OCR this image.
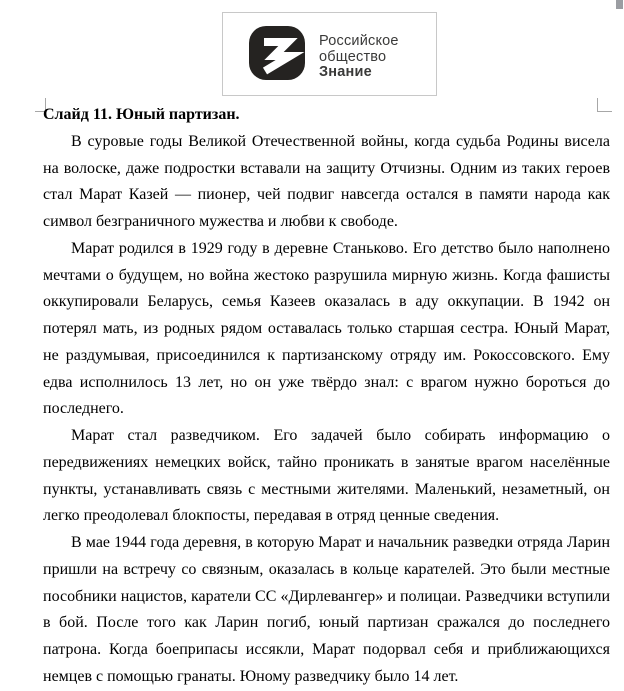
Российское
общество
Знание
Слайд 11. Юный партизан.

В суровые годы Великой Отечественной войны, когда судьба Родины висела на волоске, даже подростки вставали на защиту Отчизны. Одним из таких героев стал Марат Казей — пионер, чей подвиг навсегда остался в памяти народа как символ безграничного мужества и любви к свободе.

Марат родился в 1929 году в деревне Станьково. Его детство было наполнено мечтами о будущем, но война жестоко разрушила мирную жизнь. Когда фашисты оккупировали Беларусь, семья Казеев оказалась в аду оккупации. В 1942 он потерял мать, из родных рядом оставалась только старшая сестра. Юный Марат, не раздумывая, присоединился к партизанскому отряду им. Рокоссовского. Ему едва исполнилось 13 лет, но он уже твёрдо знал: с врагом нужно бороться до последнего.

Марат стал разведчиком. Его задачей было собирать информацию о передвижениях немецких войск, тайно проникать в занятые врагом населённые пункты, устанавливать связь с местными жителями. Маленький, незаметный, он легко преодолевал блокпосты, передавая в отряд ценные сведения.

В мае 1944 года деревня, в которую Марат и начальник разведки отряда Ларин пришли на встречу со связным, оказалась в кольце карателей. Это были местные пособники нацистов, каратели СС «Дирлевангер» и полицаи. Разведчики вступили в бой. После того как Ларин погиб, юный партизан сражался до последнего патрона. Когда боеприпасы иссякли, Марат подорвал себя и приближающихся немцев с помощью гранаты. Юному разведчику было 14 лет.
